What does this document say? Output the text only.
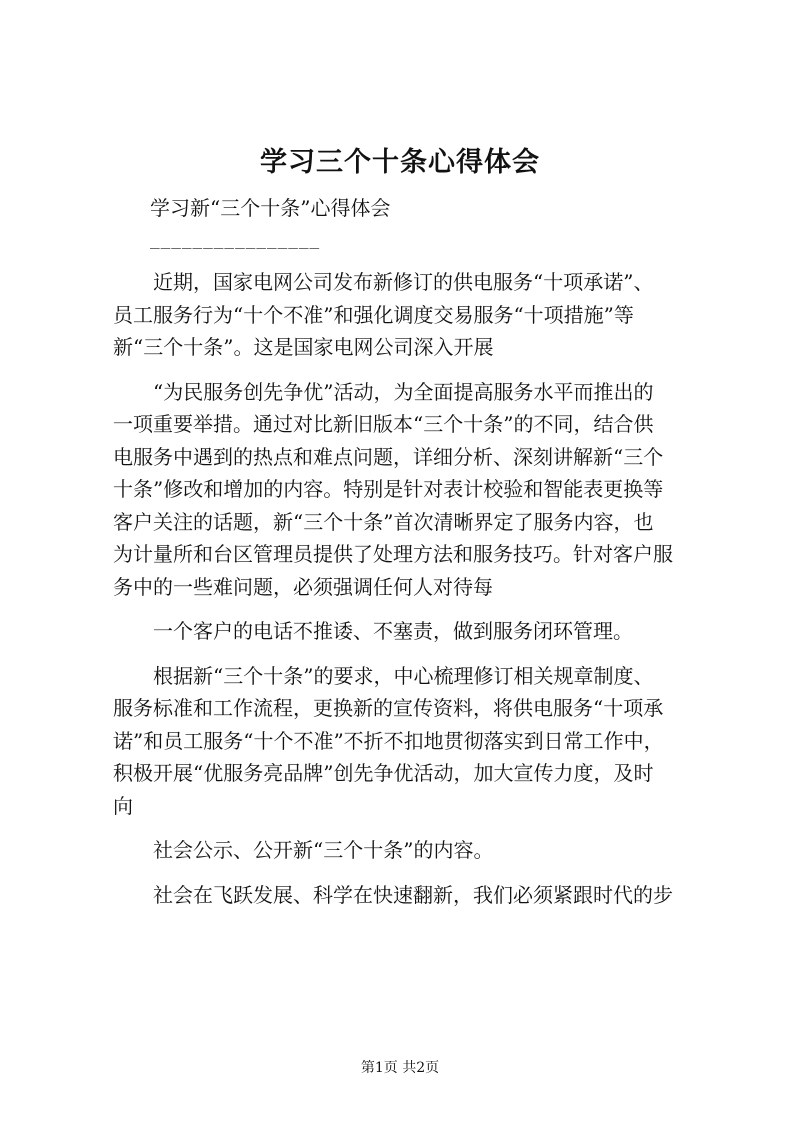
学习三个十条心得体会

学习新“三个十条”心得体会

________________

近期，国家电网公司发布新修订的供电服务“十项承诺”、
员工服务行为“十个不准”和强化调度交易服务“十项措施”等
新“三个十条”。这是国家电网公司深入开展
“为民服务创先争优”活动，为全面提高服务水平而推出的
一项重要举措。通过对比新旧版本“三个十条”的不同，结合供
电服务中遇到的热点和难点问题，详细分析、深刻讲解新“三个
十条”修改和增加的内容。特别是针对表计校验和智能表更换等
客户关注的话题，新“三个十条”首次清晰界定了服务内容，也
为计量所和台区管理员提供了处理方法和服务技巧。针对客户服
务中的一些难问题，必须强调任何人对待每
一个客户的电话不推诿、不塞责，做到服务闭环管理。
根据新“三个十条”的要求，中心梳理修订相关规章制度、
服务标准和工作流程，更换新的宣传资料，将供电服务“十项承
诺”和员工服务“十个不准”不折不扣地贯彻落实到日常工作中，
积极开展“优服务亮品牌”创先争优活动，加大宣传力度，及时
向
社会公示、公开新“三个十条”的内容。
社会在飞跃发展、科学在快速翻新，我们必须紧跟时代的步

第1页 共2页
